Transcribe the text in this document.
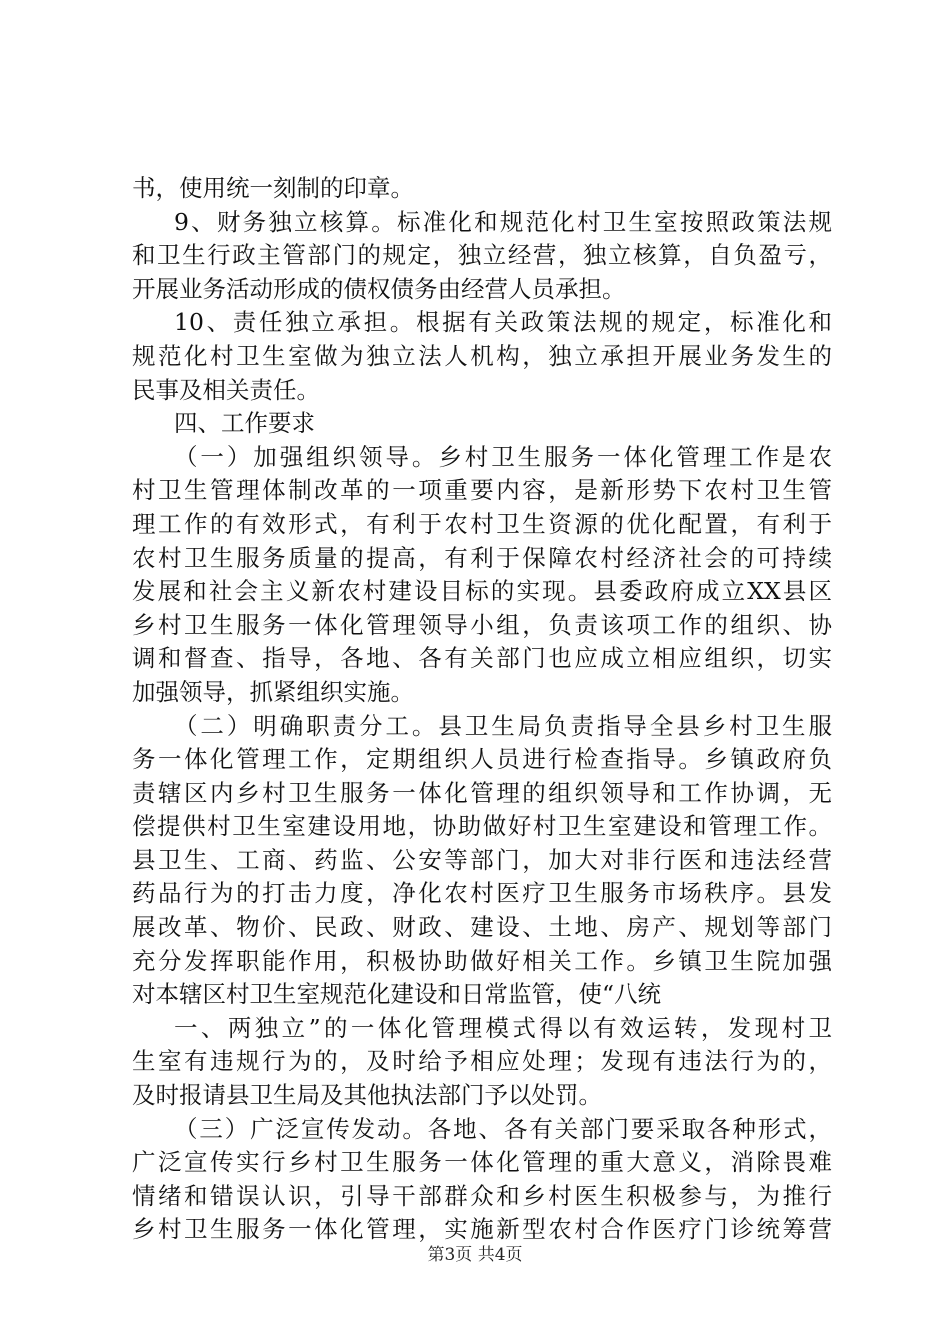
书，使用统一刻制的印章。
9、财务独立核算。标准化和规范化村卫生室按照政策法规
和卫生行政主管部门的规定，独立经营，独立核算，自负盈亏，
开展业务活动形成的债权债务由经营人员承担。
10、责任独立承担。根据有关政策法规的规定，标准化和
规范化村卫生室做为独立法人机构，独立承担开展业务发生的
民事及相关责任。
四、工作要求
（一）加强组织领导。乡村卫生服务一体化管理工作是农
村卫生管理体制改革的一项重要内容，是新形势下农村卫生管
理工作的有效形式，有利于农村卫生资源的优化配置，有利于
农村卫生服务质量的提高，有利于保障农村经济社会的可持续
发展和社会主义新农村建设目标的实现。县委政府成立XX县区
乡村卫生服务一体化管理领导小组，负责该项工作的组织、协
调和督查、指导，各地、各有关部门也应成立相应组织，切实
加强领导，抓紧组织实施。
（二）明确职责分工。县卫生局负责指导全县乡村卫生服
务一体化管理工作，定期组织人员进行检查指导。乡镇政府负
责辖区内乡村卫生服务一体化管理的组织领导和工作协调，无
偿提供村卫生室建设用地，协助做好村卫生室建设和管理工作。
县卫生、工商、药监、公安等部门，加大对非行医和违法经营
药品行为的打击力度，净化农村医疗卫生服务市场秩序。县发
展改革、物价、民政、财政、建设、土地、房产、规划等部门
充分发挥职能作用，积极协助做好相关工作。乡镇卫生院加强
对本辖区村卫生室规范化建设和日常监管，使“八统
一、两独立”的一体化管理模式得以有效运转，发现村卫
生室有违规行为的，及时给予相应处理；发现有违法行为的，
及时报请县卫生局及其他执法部门予以处罚。
（三）广泛宣传发动。各地、各有关部门要采取各种形式，
广泛宣传实行乡村卫生服务一体化管理的重大意义，消除畏难
情绪和错误认识，引导干部群众和乡村医生积极参与，为推行
乡村卫生服务一体化管理，实施新型农村合作医疗门诊统筹营
第3页 共4页
